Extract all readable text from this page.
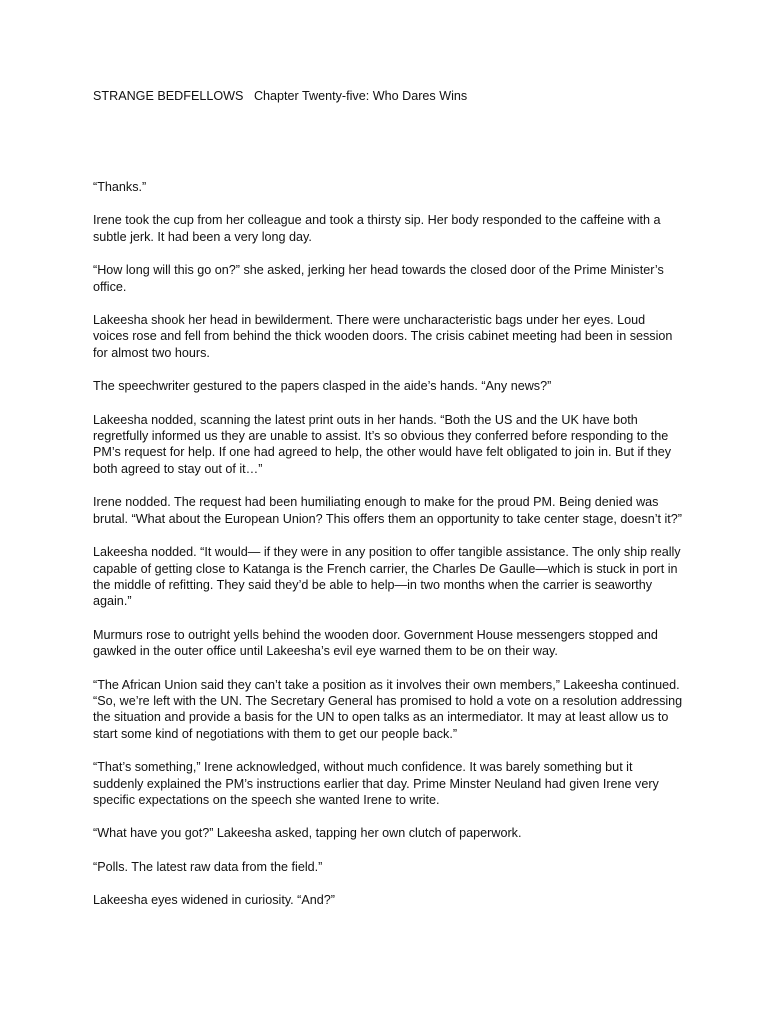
STRANGE BEDFELLOWS   Chapter Twenty-five: Who Dares Wins

“Thanks.”

Irene took the cup from her colleague and took a thirsty sip. Her body responded to the caffeine with a subtle jerk. It had been a very long day.

“How long will this go on?” she asked, jerking her head towards the closed door of the Prime Minister’s office.

Lakeesha shook her head in bewilderment. There were uncharacteristic bags under her eyes. Loud voices rose and fell from behind the thick wooden doors. The crisis cabinet meeting had been in session for almost two hours.

The speechwriter gestured to the papers clasped in the aide’s hands. “Any news?”

Lakeesha nodded, scanning the latest print outs in her hands. “Both the US and the UK have both regretfully informed us they are unable to assist. It’s so obvious they conferred before responding to the PM’s request for help. If one had agreed to help, the other would have felt obligated to join in. But if they both agreed to stay out of it…”

Irene nodded. The request had been humiliating enough to make for the proud PM. Being denied was brutal. “What about the European Union? This offers them an opportunity to take center stage, doesn’t it?”

Lakeesha nodded. “It would— if they were in any position to offer tangible assistance. The only ship really capable of getting close to Katanga is the French carrier, the Charles De Gaulle—which is stuck in port in the middle of refitting. They said they’d be able to help—in two months when the carrier is seaworthy again.”

Murmurs rose to outright yells behind the wooden door. Government House messengers stopped and gawked in the outer office until Lakeesha’s evil eye warned them to be on their way.

“The African Union said they can’t take a position as it involves their own members,” Lakeesha continued. “So, we’re left with the UN. The Secretary General has promised to hold a vote on a resolution addressing the situation and provide a basis for the UN to open talks as an intermediator. It may at least allow us to start some kind of negotiations with them to get our people back.”

“That’s something,” Irene acknowledged, without much confidence. It was barely something but it suddenly explained the PM’s instructions earlier that day. Prime Minster Neuland had given Irene very specific expectations on the speech she wanted Irene to write.

“What have you got?” Lakeesha asked, tapping her own clutch of paperwork.

“Polls. The latest raw data from the field.”

Lakeesha eyes widened in curiosity. “And?”
